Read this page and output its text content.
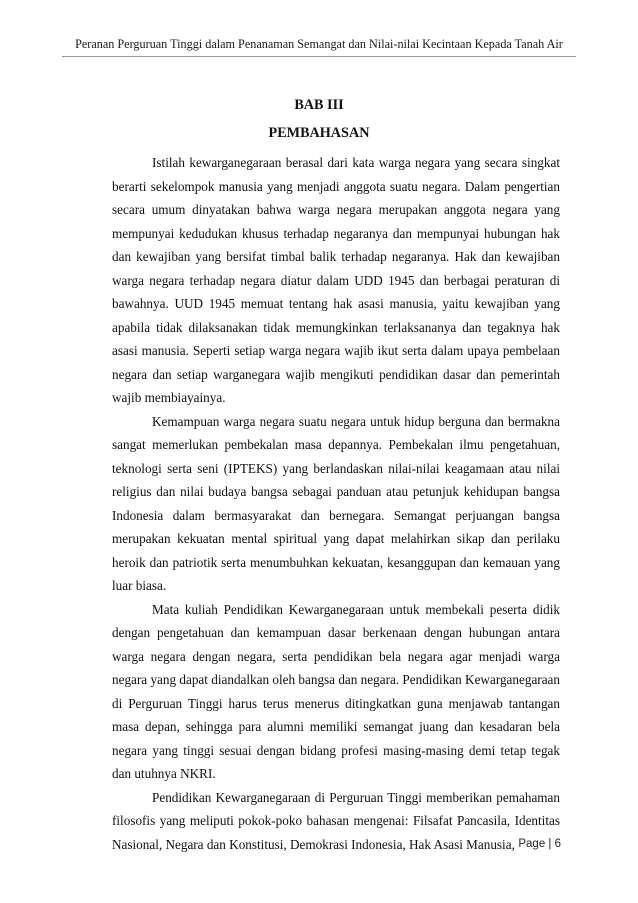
Peranan Perguruan Tinggi dalam Penanaman Semangat dan Nilai-nilai Kecintaan Kepada Tanah Air
BAB III
PEMBAHASAN

Istilah kewarganegaraan berasal dari kata warga negara yang secara singkat berarti sekelompok manusia yang menjadi anggota suatu negara. Dalam pengertian secara umum dinyatakan bahwa warga negara merupakan anggota negara yang mempunyai kedudukan khusus terhadap negaranya dan mempunyai hubungan hak dan kewajiban yang bersifat timbal balik terhadap negaranya. Hak dan kewajiban warga negara terhadap negara diatur dalam UDD 1945 dan berbagai peraturan di bawahnya. UUD 1945 memuat tentang hak asasi manusia, yaitu kewajiban yang apabila tidak dilaksanakan tidak memungkinkan terlaksananya dan tegaknya hak asasi manusia. Seperti setiap warga negara wajib ikut serta dalam upaya pembelaan negara dan setiap warganegara wajib mengikuti pendidikan dasar dan pemerintah wajib membiayainya.

Kemampuan warga negara suatu negara untuk hidup berguna dan bermakna sangat memerlukan pembekalan masa depannya. Pembekalan ilmu pengetahuan, teknologi serta seni (IPTEKS) yang berlandaskan nilai-nilai keagamaan atau nilai religius dan nilai budaya bangsa sebagai panduan atau petunjuk kehidupan bangsa Indonesia dalam bermasyarakat dan bernegara. Semangat perjuangan bangsa merupakan kekuatan mental spiritual yang dapat melahirkan sikap dan perilaku heroik dan patriotik serta menumbuhkan kekuatan, kesanggupan dan kemauan yang luar biasa.

Mata kuliah Pendidikan Kewarganegaraan untuk membekali peserta didik dengan pengetahuan dan kemampuan dasar berkenaan dengan hubungan antara warga negara dengan negara, serta pendidikan bela negara agar menjadi warga negara yang dapat diandalkan oleh bangsa dan negara. Pendidikan Kewarganegaraan di Perguruan Tinggi harus terus menerus ditingkatkan guna menjawab tantangan masa depan, sehingga para alumni memiliki semangat juang dan kesadaran bela negara yang tinggi sesuai dengan bidang profesi masing-masing demi tetap tegak dan utuhnya NKRI.

Pendidikan Kewarganegaraan di Perguruan Tinggi memberikan pemahaman filosofis yang meliputi pokok-poko bahasan mengenai: Filsafat Pancasila, Identitas Nasional, Negara dan Konstitusi, Demokrasi Indonesia, Hak Asasi Manusia, Page | 6
